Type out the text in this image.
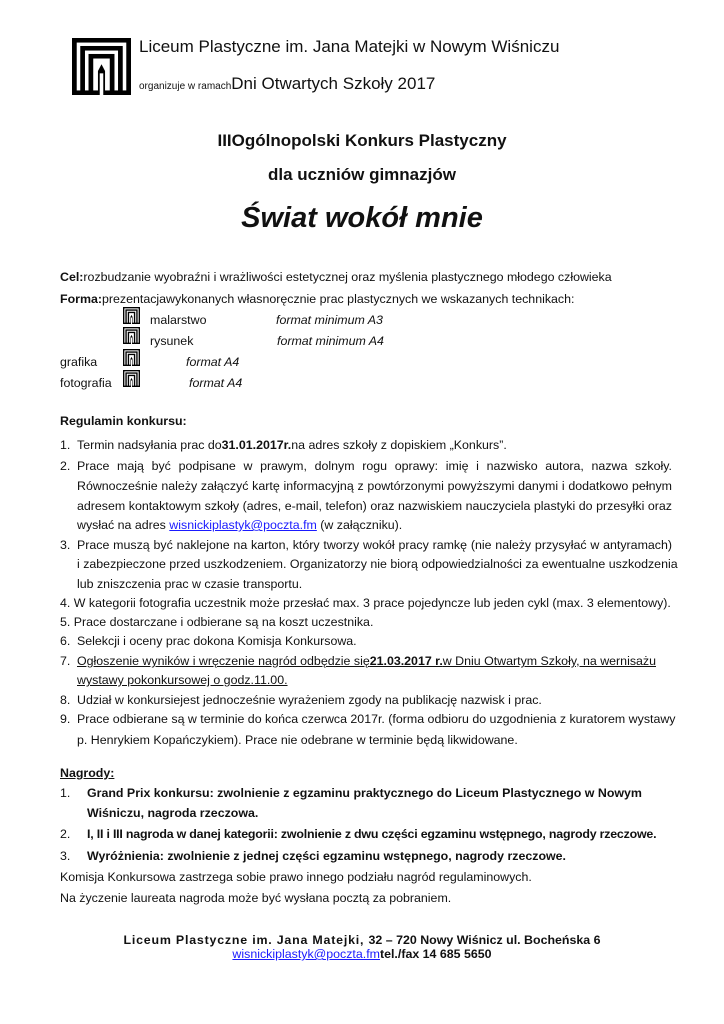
Liceum Plastyczne im. Jana Matejki w Nowym Wiśniczu
organizuje w ramachDni Otwartych Szkoły 2017
IIIOgólnopolski Konkurs Plastyczny
dla uczniów gimnazjów
Świat wokół mnie
Cel:rozbudzanie wyobraźni i wrażliwości estetycznej oraz myślenia plastycznego młodego człowieka
Forma:prezentacjawykonanych własnoręcznie prac plastycznych we wskazanych technikach:
malarstwo	format minimum A3
rysunek	format minimum A4
grafika	format A4
fotografia	format A4
Regulamin konkursu:
1. Termin nadsyłania prac do31.01.2017r.na adres szkoły z dopiskiem „Konkurs”.
2. Prace mają być podpisane w prawym, dolnym rogu oprawy: imię i nazwisko autora, nazwa szkoły.
Równocześnie należy załączyć kartę informacyjną z powtórzonymi powyższymi danymi i dodatkowo pełnym
adresem kontaktowym szkoły (adres, e-mail, telefon) oraz nazwiskiem nauczyciela plastyki do przesyłki oraz
wysłać na adres wisnickiplastyk@poczta.fm (w załączniku).
3. Prace muszą być naklejone na karton, który tworzy wokół pracy ramkę (nie należy przysyłać w antyramach)
i zabezpieczone przed uszkodzeniem. Organizatorzy nie biorą odpowiedzialności za ewentualne uszkodzenia
lub zniszczenia prac w czasie transportu.
4. W kategorii fotografia uczestnik może przesłać max. 3 prace pojedyncze lub jeden cykl (max. 3 elementowy).
5. Prace dostarczane i odbierane są na koszt uczestnika.
6. Selekcji i oceny prac dokona Komisja Konkursowa.
7. Ogłoszenie wyników i wręczenie nagród odbędzie się21.03.2017 r.w Dniu Otwartym Szkoły, na wernisażu
wystawy pokonkursowej o godz.11.00.
8. Udział w konkursiejest jednocześnie wyrażeniem zgody na publikację nazwisk i prac.
9. Prace odbierane są w terminie do końca czerwca 2017r. (forma odbioru do uzgodnienia z kuratorem wystawy
p. Henrykiem Kopańczykiem). Prace nie odebrane w terminie będą likwidowane.
Nagrody:
1. Grand Prix konkursu: zwolnienie z egzaminu praktycznego do Liceum Plastycznego w Nowym
Wiśniczu, nagroda rzeczowa.
2. I, II i III nagroda w danej kategorii: zwolnienie z dwu części egzaminu wstępnego, nagrody rzeczowe.
3. Wyróżnienia: zwolnienie z jednej części egzaminu wstępnego, nagrody rzeczowe.
Komisja Konkursowa zastrzega sobie prawo innego podziału nagród regulaminowych.
Na życzenie laureata nagroda może być wysłana pocztą za pobraniem.
Liceum Plastyczne im. Jana Matejki, 32 – 720 Nowy Wiśnicz ul. Bocheńska 6
wisnickiplastyk@poczta.fmtel./fax 14 685 5650
